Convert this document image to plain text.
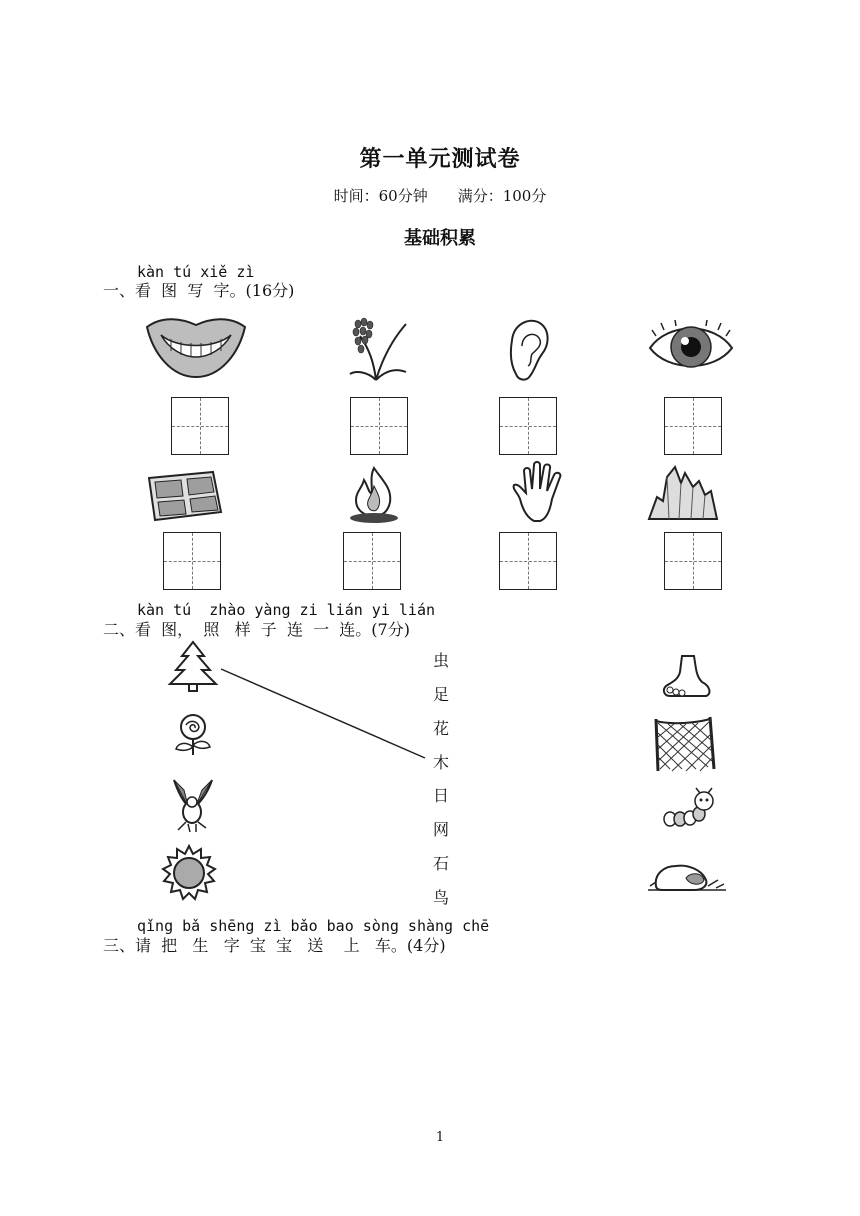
第一单元测试卷
时间：60分钟 满分：100分
基础积累
kàn tú xiě zì
一、看  图  写  字。(16分)
kàn tú  zhào yàng zi lián yi lián
二、看  图，  照   样  子  连  一  连。(7分)
虫
足
花
木
日
网
石
鸟
qǐng bǎ shēng zì bǎo bao sòng shàng chē
三、请  把   生   字  宝  宝   送    上   车。(4分)
1
